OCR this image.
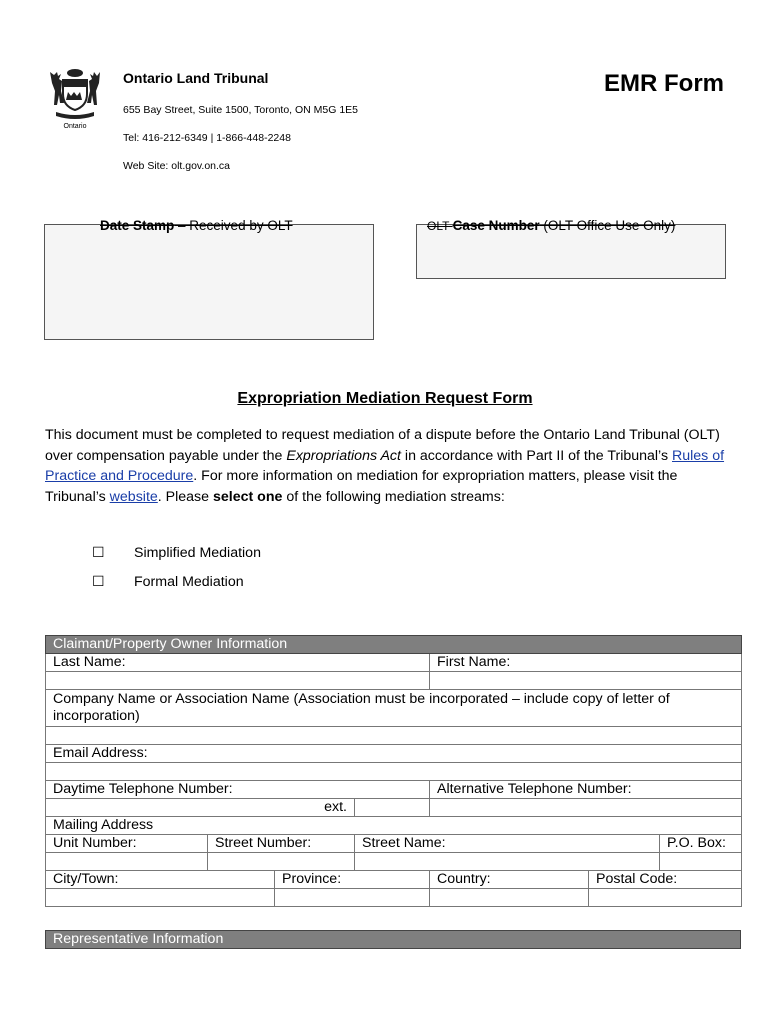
Ontario
Ontario Land Tribunal
655 Bay Street, Suite 1500, Toronto, ON M5G 1E5
Tel: 416-212-6349 | 1-866-448-2248
Web Site: olt.gov.on.ca
EMR Form
Date Stamp – Received by OLT	OLT Case Number (OLT Office Use Only)
Expropriation Mediation Request Form
This document must be completed to request mediation of a dispute before the Ontario Land Tribunal (OLT) over compensation payable under the Expropriations Act in accordance with Part II of the Tribunal’s Rules of Practice and Procedure. For more information on mediation for expropriation matters, please visit the Tribunal’s website. Please select one of the following mediation streams:
☐ Simplified Mediation
☐ Formal Mediation
Claimant/Property Owner Information						
Last Name:				First Name:		

Company Name or Association Name (Association must be incorporated – include copy of letter of incorporation)						

Email Address:						

Daytime Telephone Number:				Alternative Telephone Number:		
ext.						
Mailing Address						
Unit Number:	Street Number:		Street Name:			P.O. Box:

City/Town:		Province:		Country:	Postal Code:	

Representative Information
